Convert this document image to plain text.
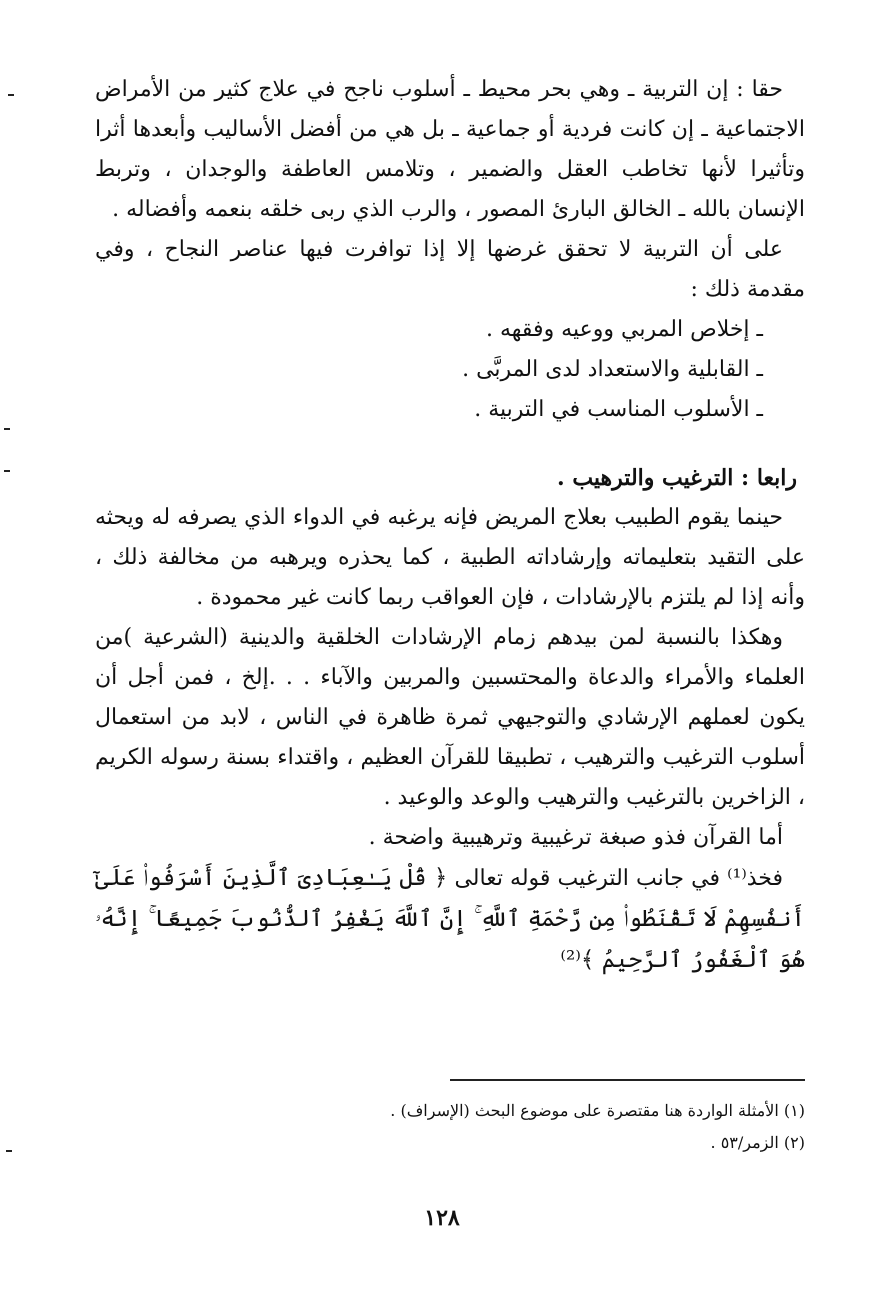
حقا : إن التربية ـ وهي بحر محيط ـ أسلوب ناجح في علاج كثير من الأمراض الاجتماعية ـ إن كانت فردية أو جماعية ـ بل هي من أفضل الأساليب وأبعدها أثرا وتأثيرا لأنها تخاطب العقل والضمير ، وتلامس العاطفة والوجدان ، وتربط الإنسان بالله ـ الخالق البارئ المصور ، والرب الذي ربى خلقه بنعمه وأفضاله .

على أن التربية لا تحقق غرضها إلا إذا توافرت فيها عناصر النجاح ، وفي مقدمة ذلك :

ـ إخلاص المربي ووعيه وفقهه .
ـ القابلية والاستعداد لدى المربَّى .
ـ الأسلوب المناسب في التربية .
رابعا : الترغيب والترهيب .

حينما يقوم الطبيب بعلاج المريض فإنه يرغبه في الدواء الذي يصرفه له ويحثه على التقيد بتعليماته وإرشاداته الطبية ، كما يحذره ويرهبه من مخالفة ذلك ، وأنه إذا لم يلتزم بالإرشادات ، فإن العواقب ربما كانت غير محمودة .

وهكذا بالنسبة لمن بيدهم زمام الإرشادات الخلقية والدينية (الشرعية )من العلماء والأمراء والدعاة والمحتسبين والمربين والآباء . . .إلخ ، فمن أجل أن يكون لعملهم الإرشادي والتوجيهي ثمرة ظاهرة في الناس ، لابد من استعمال أسلوب الترغيب والترهيب ، تطبيقا للقرآن العظيم ، واقتداء بسنة رسوله الكريم ، الزاخرين بالترغيب والترهيب والوعد والوعيد .

أما القرآن فذو صبغة ترغيبية وترهيبية واضحة .

فخذ⁽¹⁾ في جانب الترغيب قوله تعالى ﴿ قُلْ يَـٰعِبَادِىَ ٱلَّذِينَ أَسْرَفُوا۟ عَلَىٰٓ أَنفُسِهِمْ لَا تَقْنَطُوا۟ مِن رَّحْمَةِ ٱللَّهِ ۚ إِنَّ ٱللَّهَ يَغْفِرُ ٱلذُّنُوبَ جَمِيعًا ۚ إِنَّهُۥ هُوَ ٱلْغَفُورُ ٱلرَّحِيمُ ﴾⁽²⁾

(١) الأمثلة الواردة هنا مقتصرة على موضوع البحث (الإسراف) .
(٢) الزمر/٥٣ .
١٢٨
